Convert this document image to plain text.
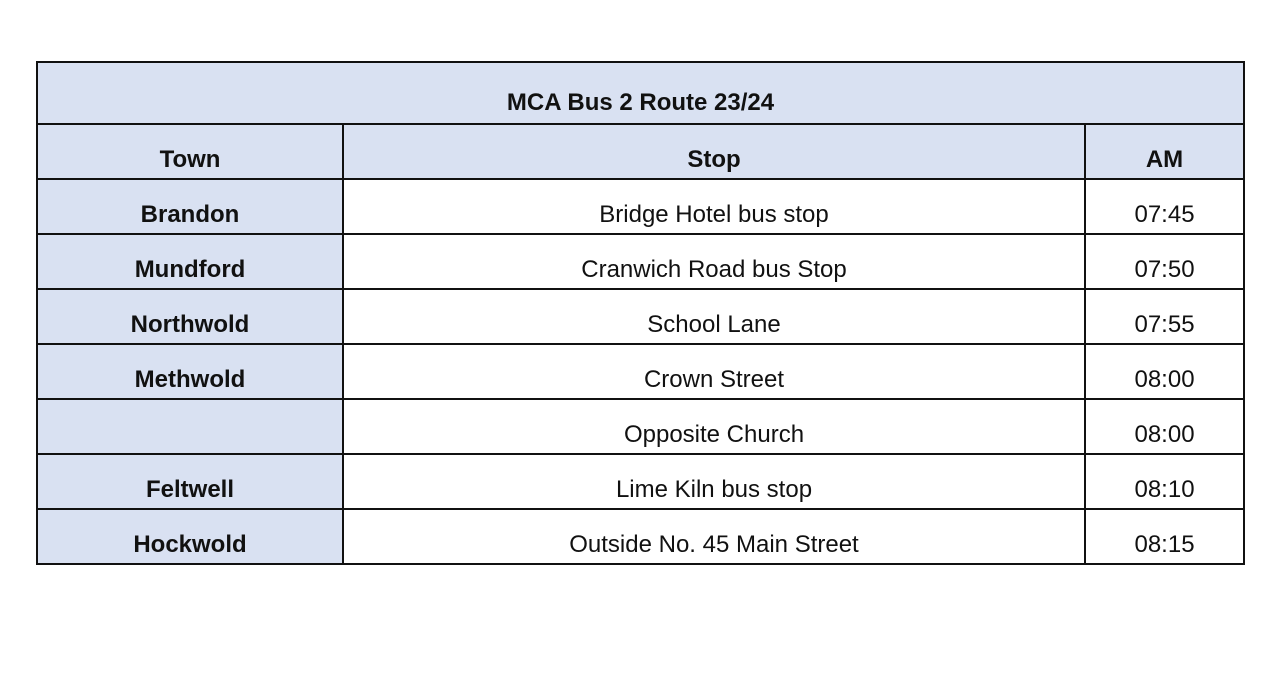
MCA Bus 2 Route 23/24		
Town	Stop	AM
Brandon	Bridge Hotel bus stop	07:45
Mundford	Cranwich Road bus Stop	07:50
Northwold	School Lane	07:55
Methwold	Crown Street	08:00
	Opposite Church	08:00
Feltwell	Lime Kiln bus stop	08:10
Hockwold	Outside No. 45 Main Street	08:15
